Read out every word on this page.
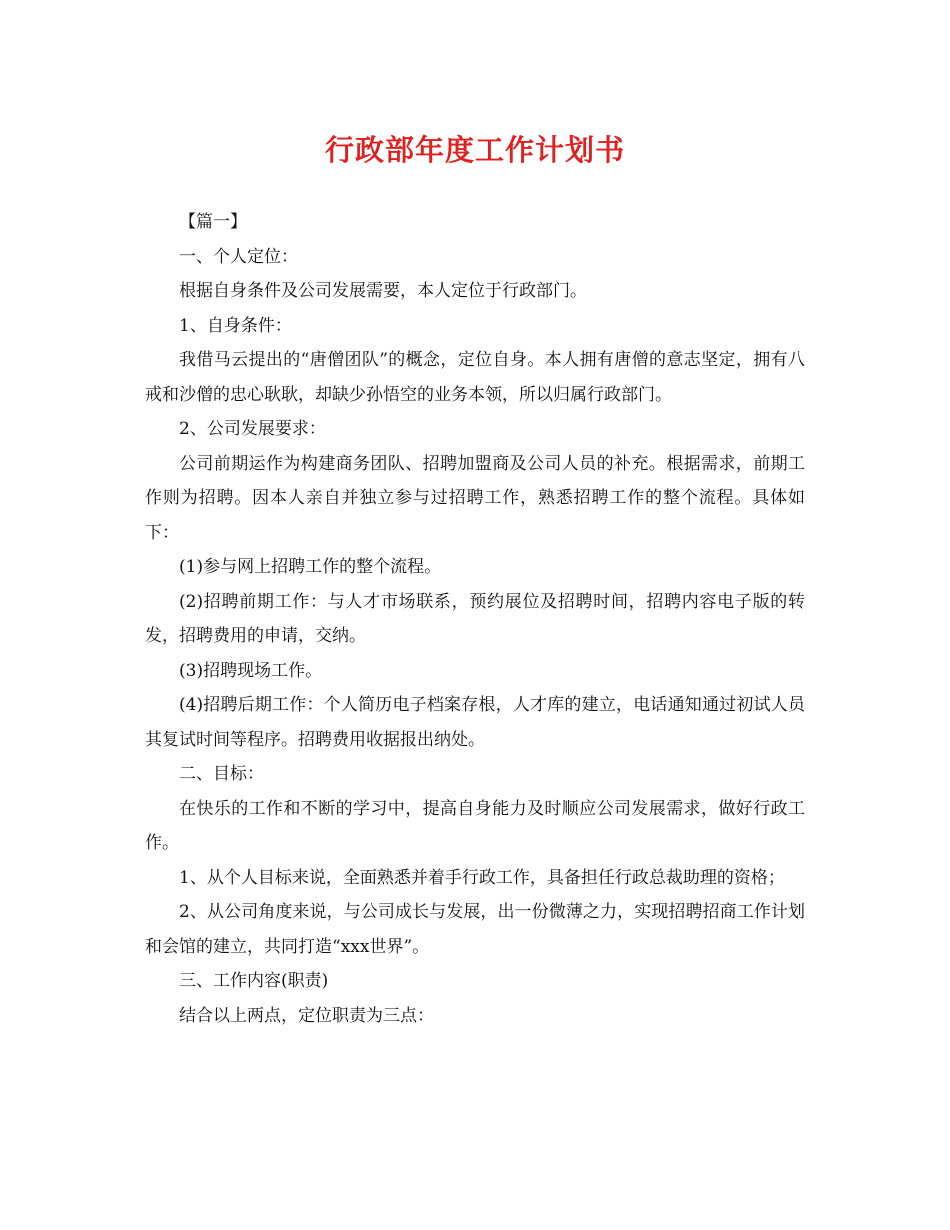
行政部年度工作计划书

【篇一】

一、个人定位：

根据自身条件及公司发展需要，本人定位于行政部门。

1、自身条件：

我借马云提出的“唐僧团队”的概念，定位自身。本人拥有唐僧的意志坚定，拥有八戒和沙僧的忠心耿耿，却缺少孙悟空的业务本领，所以归属行政部门。

2、公司发展要求：

公司前期运作为构建商务团队、招聘加盟商及公司人员的补充。根据需求，前期工作则为招聘。因本人亲自并独立参与过招聘工作，熟悉招聘工作的整个流程。具体如下：

(1)参与网上招聘工作的整个流程。

(2)招聘前期工作：与人才市场联系，预约展位及招聘时间，招聘内容电子版的转发，招聘费用的申请，交纳。

(3)招聘现场工作。

(4)招聘后期工作：个人简历电子档案存根，人才库的建立，电话通知通过初试人员其复试时间等程序。招聘费用收据报出纳处。

二、目标：

在快乐的工作和不断的学习中，提高自身能力及时顺应公司发展需求，做好行政工作。

1、从个人目标来说，全面熟悉并着手行政工作，具备担任行政总裁助理的资格；

2、从公司角度来说，与公司成长与发展，出一份微薄之力，实现招聘招商工作计划和会馆的建立，共同打造“xxx世界”。

三、工作内容(职责)

结合以上两点，定位职责为三点：
